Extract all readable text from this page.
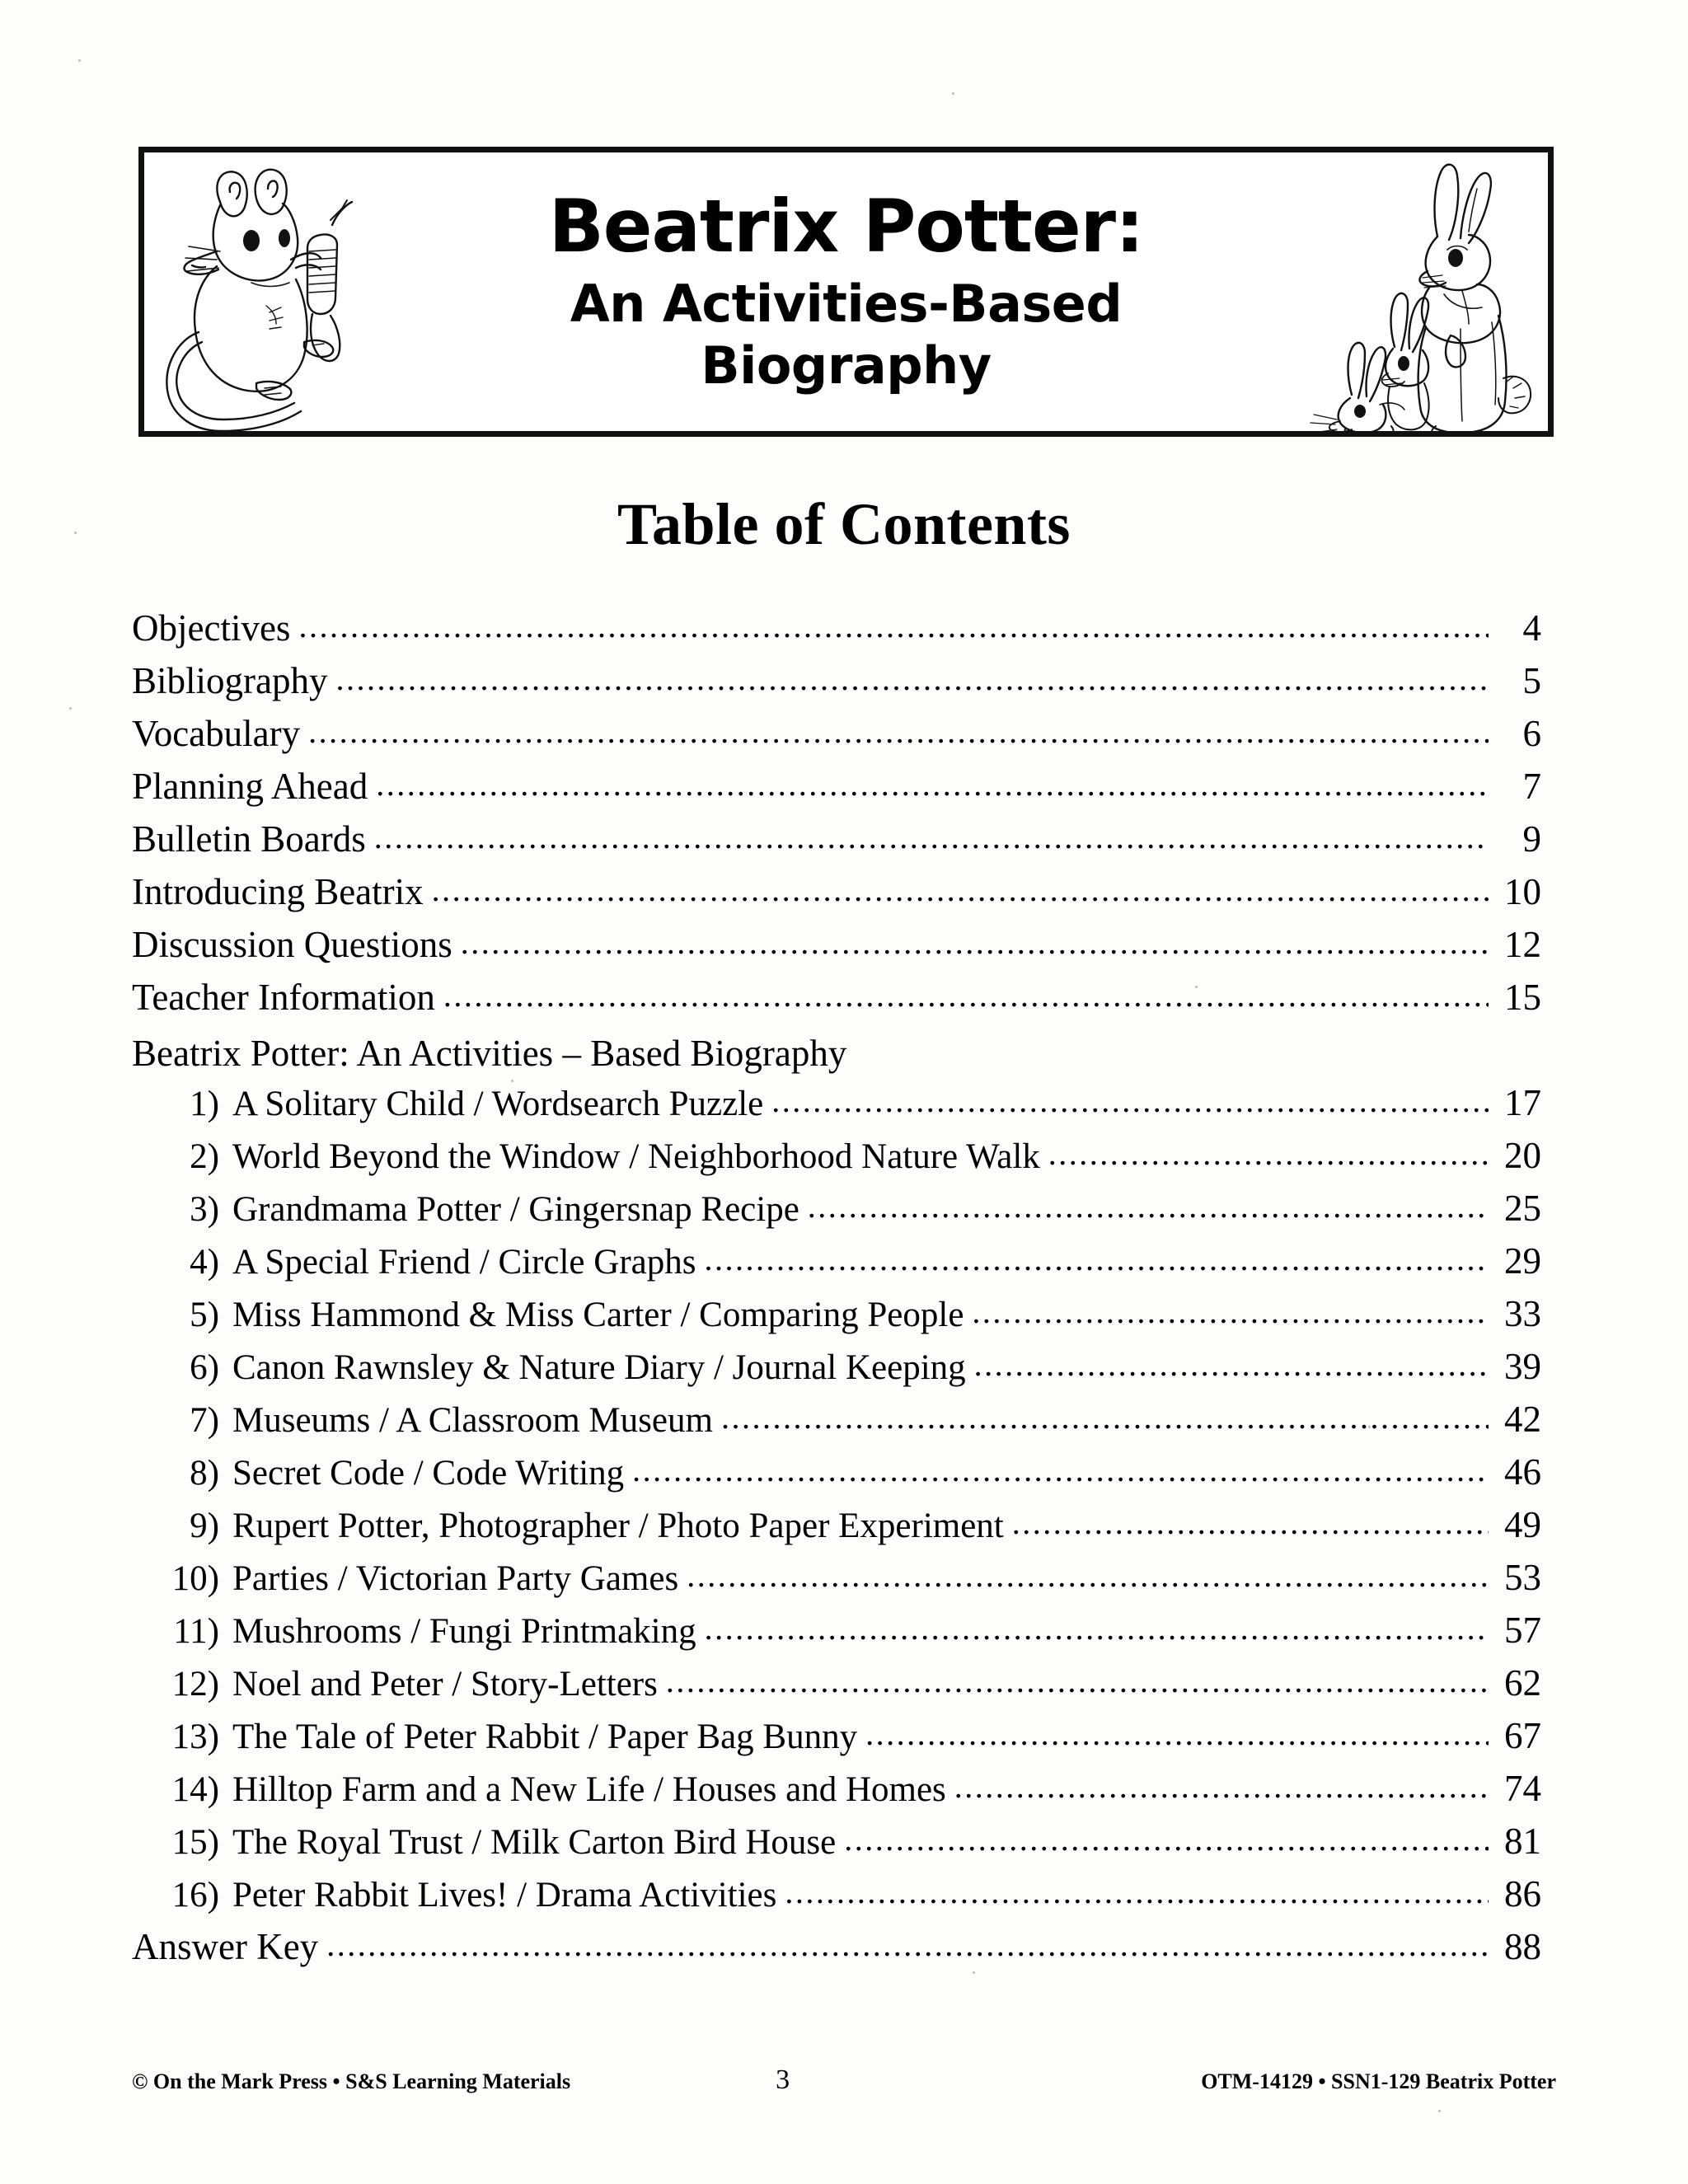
Beatrix Potter:
An Activities-Based
Biography
Table of Contents
Objectives .....	4
Bibliography .....	5
Vocabulary .....	6
Planning Ahead .....	7
Bulletin Boards .....	9
Introducing Beatrix .....	10
Discussion Questions .....	12
Teacher Information .....	15
Beatrix Potter: An Activities – Based Biography
1) A Solitary Child / Wordsearch Puzzle .....	17
2) World Beyond the Window / Neighborhood Nature Walk .....	20
3) Grandmama Potter / Gingersnap Recipe .....	25
4) A Special Friend / Circle Graphs .....	29
5) Miss Hammond & Miss Carter / Comparing People .....	33
6) Canon Rawnsley & Nature Diary / Journal Keeping .....	39
7) Museums / A Classroom Museum .....	42
8) Secret Code / Code Writing .....	46
9) Rupert Potter, Photographer / Photo Paper Experiment .....	49
10) Parties / Victorian Party Games .....	53
11) Mushrooms / Fungi Printmaking .....	57
12) Noel and Peter / Story-Letters .....	62
13) The Tale of Peter Rabbit / Paper Bag Bunny .....	67
14) Hilltop Farm and a New Life / Houses and Homes .....	74
15) The Royal Trust / Milk Carton Bird House .....	81
16) Peter Rabbit Lives! / Drama Activities .....	86
Answer Key .....	88
© On the Mark Press • S&S Learning Materials	3	OTM-14129 • SSN1-129 Beatrix Potter
